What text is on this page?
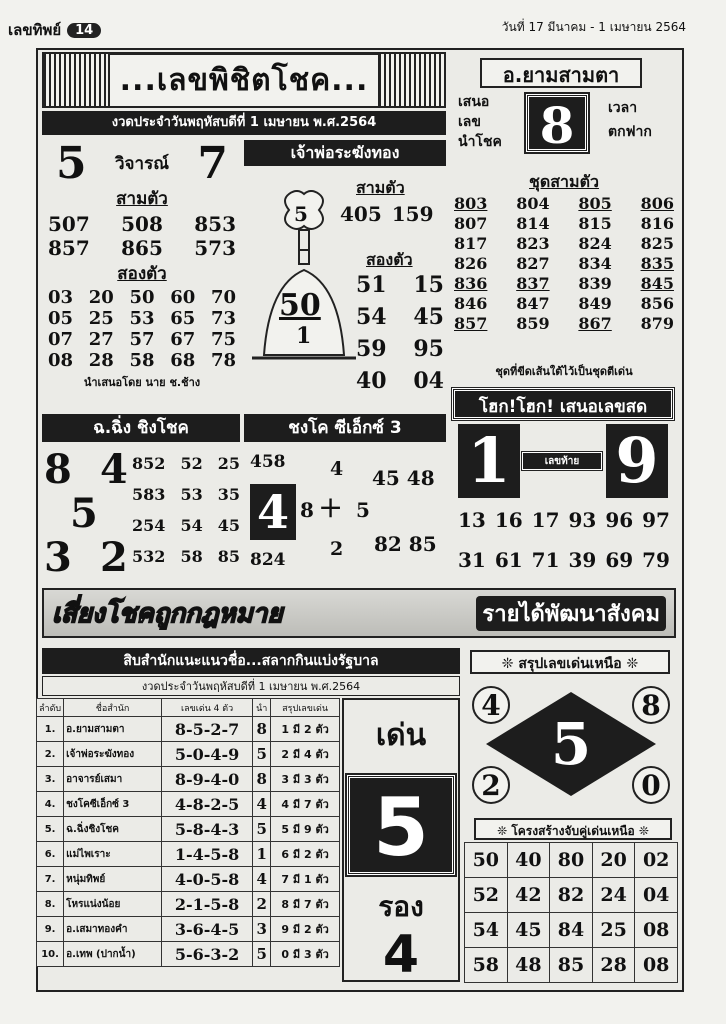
เลขทิพย์	14	วันที่ 17 มีนาคม - 1 เมษายน 2564
...เลขพิชิตโชค...
งวดประจำวันพฤหัสบดีที่ 1 เมษายน พ.ศ.2564
5 วิจารณ์ 7
สามตัว
507 508 853
857 865 573
สองตัว
03 20 50 60 70
05 25 53 65 73
07 27 57 67 75
08 28 58 68 78
นำเสนอโดย นาย ช.ช้าง
เจ้าพ่อระฆังทอง
5
50
1
สามตัว
405 159
สองตัว
51 15
54 45
59 95
40 04
อ.ยามสามตา
เสนอ
เลข
นำโชค 8	เวลา
ตกฟาก
ชุดสามตัว
803 804 805 806
807 814 815 816
817 823 824 825
826 827 834 835
836 837 839 845
846 847 849 856
857 859 867 879
ชุดที่ขีดเส้นใต้ไว้เป็นชุดตีเด่น
ฉ.ฉิ่ง ชิงโชค
8 4
5
3 2
852 52 25
583 53 35
254 54 45
532 58 85
ชงโค ซีเอ็กซ์ 3
458 4 45 48
4 8 + 5
824 2 82 85
โฮก!โฮก! เสนอเลขสด
1	เลขท้าย 9
13 16 17 93 96 97
31 61 71 39 69 79
เสี่ยงโชคถูกกฎหมาย	รายได้พัฒนาสังคม
สิบสำนักแนะแนวชื่อ...สลากกินแบ่งรัฐบาล
งวดประจำวันพฤหัสบดีที่ 1 เมษายน พ.ศ.2564
ลำดับ	ชื่อสำนัก	เลขเด่น 4 ตัว	นำ	สรุปเลขเด่น
1.	อ.ยามสามตา	8-5-2-7	8	1 มี 2 ตัว
2.	เจ้าพ่อระฆังทอง	5-0-4-9	5	2 มี 4 ตัว
3.	อาจารย์เสมา	8-9-4-0	8	3 มี 3 ตัว
4.	ชงโคซีเอ็กซ์ 3	4-8-2-5	4	4 มี 7 ตัว
5.	ฉ.ฉิ่งชิงโชค	5-8-4-3	5	5 มี 9 ตัว
6.	แม่ไพเราะ	1-4-5-8	1	6 มี 2 ตัว
7.	หนุ่มทิพย์	4-0-5-8	4	7 มี 1 ตัว
8.	โหรแน่งน้อย	2-1-5-8	2	8 มี 7 ตัว
9.	อ.เสมาทองคำ	3-6-4-5	3	9 มี 2 ตัว
10.	อ.เทพ (ปากน้ำ)	5-6-3-2	5	0 มี 3 ตัว
เด่น
5
รอง
4
❊ สรุปเลขเด่นเหนือ ❊
5
4	8
2	0
❊ โครงสร้างจับคู่เด่นเหนือ ❊
50	40	80	20	02
52	42	82	24	04
54	45	84	25	08
58	48	85	28	08
